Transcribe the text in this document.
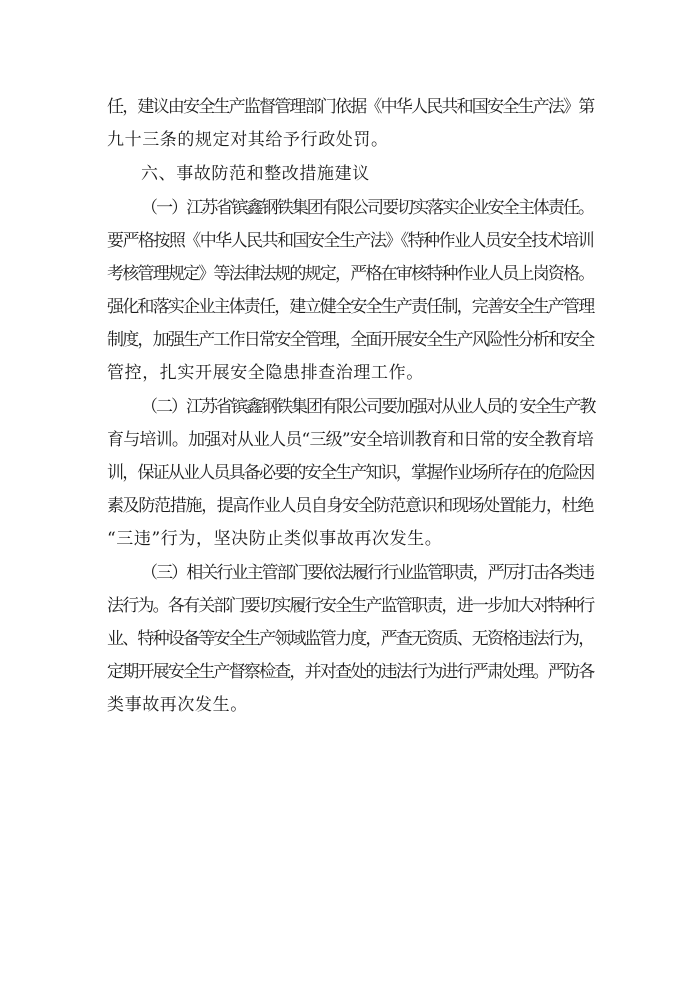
任，建议由安全生产监督管理部门依据《中华人民共和国安全生产法》第
九十三条的规定对其给予行政处罚。
六、事故防范和整改措施建议
（一）江苏省镔鑫钢铁集团有限公司要切实落实企业安全主体责任。
要严格按照《中华人民共和国安全生产法》《特种作业人员安全技术培训
考核管理规定》等法律法规的规定，严格在审核特种作业人员上岗资格。
强化和落实企业主体责任，建立健全安全生产责任制，完善安全生产管理
制度，加强生产工作日常安全管理，全面开展安全生产风险性分析和安全
管控，扎实开展安全隐患排查治理工作。
（二）江苏省镔鑫钢铁集团有限公司要加强对从业人员的 安全生产教
育与培训。加强对从业人员“三级”安全培训教育和日常的安全教育培
训，保证从业人员具备必要的安全生产知识，掌握作业场所存在的危险因
素及防范措施，提高作业人员自身安全防范意识和现场处置能力，杜绝
“三违”行为，坚决防止类似事故再次发生。
（三）相关行业主管部门要依法履行行业监管职责，严厉打击各类违
法行为。各有关部门要切实履行安全生产监管职责，进一步加大对特种行
业、特种设备等安全生产领域监管力度，严查无资质、无资格违法行为，
定期开展安全生产督察检查，并对查处的违法行为进行严肃处理。严防各
类事故再次发生。
